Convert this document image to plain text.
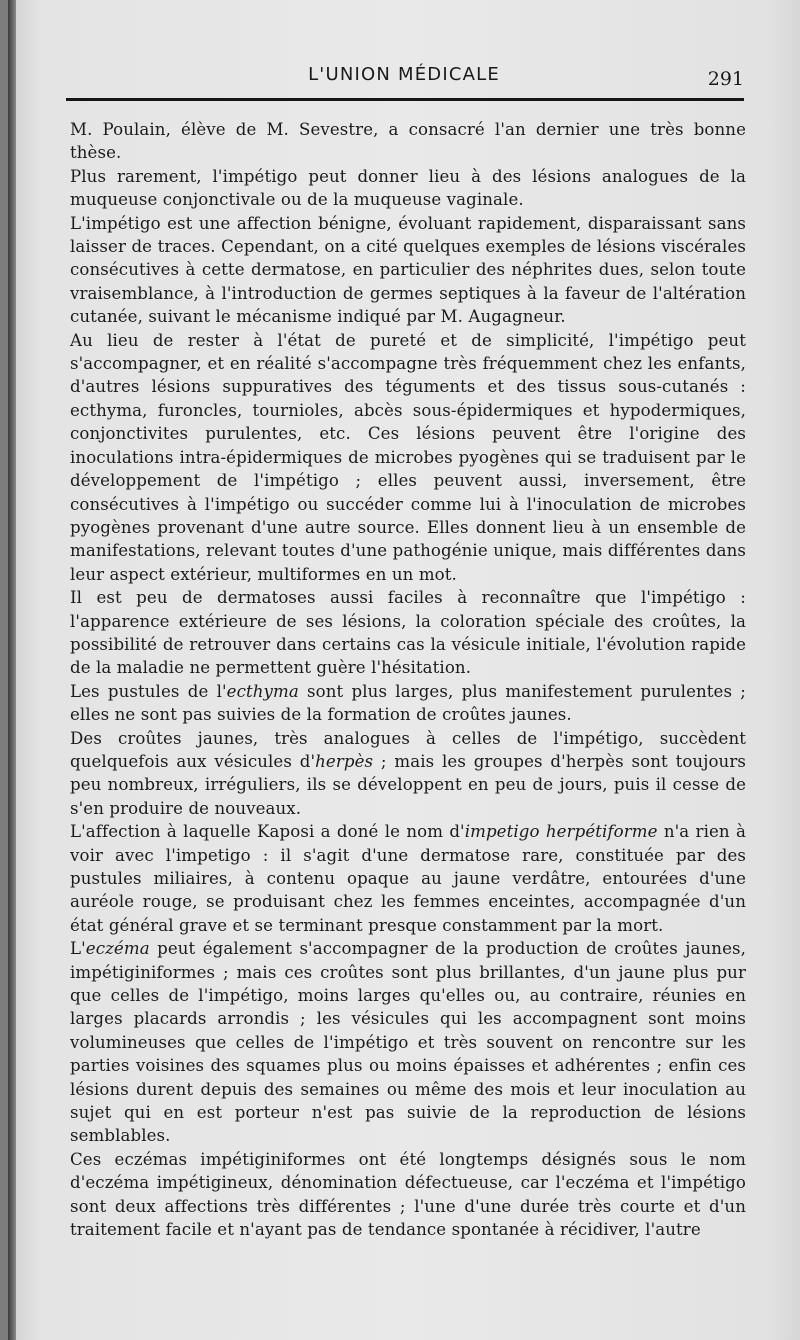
L'UNION MÉDICALE	291

M. Poulain, élève de M. Sevestre, a consacré l'an dernier une très bonne thèse.

Plus rarement, l'impétigo peut donner lieu à des lésions analogues de la muqueuse conjonctivale ou de la muqueuse vaginale.

L'impétigo est une affection bénigne, évoluant rapidement, disparaissant sans laisser de traces. Cependant, on a cité quelques exemples de lésions viscérales consécutives à cette dermatose, en particulier des néphrites dues, selon toute vraisemblance, à l'introduction de germes septiques à la faveur de l'altération cutanée, suivant le mécanisme indiqué par M. Augagneur.

Au lieu de rester à l'état de pureté et de simplicité, l'impétigo peut s'accompagner, et en réalité s'accompagne très fréquemment chez les enfants, d'autres lésions suppuratives des téguments et des tissus sous-cutanés : ecthyma, furoncles, tournioles, abcès sous-épidermiques et hypodermiques, conjonctivites purulentes, etc. Ces lésions peuvent être l'origine des inoculations intra-épidermiques de microbes pyogènes qui se traduisent par le développement de l'impétigo ; elles peuvent aussi, inversement, être consécutives à l'impétigo ou succéder comme lui à l'inoculation de microbes pyogènes provenant d'une autre source. Elles donnent lieu à un ensemble de manifestations, relevant toutes d'une pathogénie unique, mais différentes dans leur aspect extérieur, multiformes en un mot.

Il est peu de dermatoses aussi faciles à reconnaître que l'impétigo : l'apparence extérieure de ses lésions, la coloration spéciale des croûtes, la possibilité de retrouver dans certains cas la vésicule initiale, l'évolution rapide de la maladie ne permettent guère l'hésitation.

Les pustules de l'ecthyma sont plus larges, plus manifestement purulentes ; elles ne sont pas suivies de la formation de croûtes jaunes.

Des croûtes jaunes, très analogues à celles de l'impétigo, succèdent quelquefois aux vésicules d'herpès ; mais les groupes d'herpès sont toujours peu nombreux, irréguliers, ils se développent en peu de jours, puis il cesse de s'en produire de nouveaux.

L'affection à laquelle Kaposi a doné le nom d'impetigo herpétiforme n'a rien à voir avec l'impetigo : il s'agit d'une dermatose rare, constituée par des pustules miliaires, à contenu opaque au jaune verdâtre, entourées d'une auréole rouge, se produisant chez les femmes enceintes, accompagnée d'un état général grave et se terminant presque constamment par la mort.

L'eczéma peut également s'accompagner de la production de croûtes jaunes, impétiginiformes ; mais ces croûtes sont plus brillantes, d'un jaune plus pur que celles de l'impétigo, moins larges qu'elles ou, au contraire, réunies en larges placards arrondis ; les vésicules qui les accompagnent sont moins volumineuses que celles de l'impétigo et très souvent on rencontre sur les parties voisines des squames plus ou moins épaisses et adhérentes ; enfin ces lésions durent depuis des semaines ou même des mois et leur inoculation au sujet qui en est porteur n'est pas suivie de la reproduction de lésions semblables.

Ces eczémas impétiginiformes ont été longtemps désignés sous le nom d'eczéma impétigineux, dénomination défectueuse, car l'eczéma et l'impétigo sont deux affections très différentes ; l'une d'une durée très courte et d'un traitement facile et n'ayant pas de tendance spontanée à récidiver, l'autre
